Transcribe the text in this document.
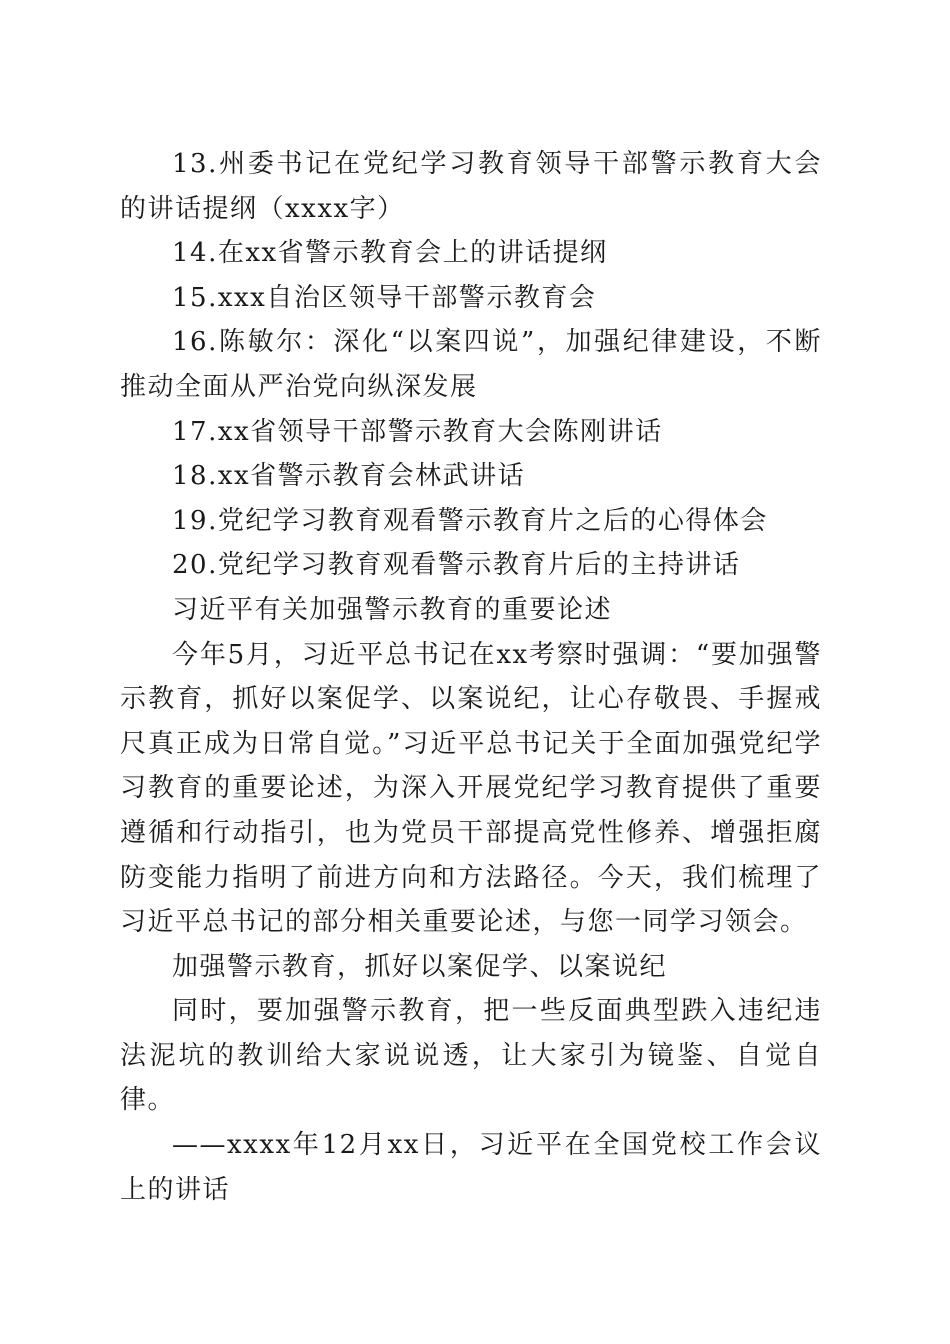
13.州委书记在党纪学习教育领导干部警示教育大会的讲话提纲（xxxx字）

14.在xx省警示教育会上的讲话提纲

15.xxx自治区领导干部警示教育会

16.陈敏尔：深化“以案四说”，加强纪律建设，不断推动全面从严治党向纵深发展

17.xx省领导干部警示教育大会陈刚讲话

18.xx省警示教育会林武讲话

19.党纪学习教育观看警示教育片之后的心得体会

20.党纪学习教育观看警示教育片后的主持讲话

习近平有关加强警示教育的重要论述

今年5月，习近平总书记在xx考察时强调：“要加强警示教育，抓好以案促学、以案说纪，让心存敬畏、手握戒尺真正成为日常自觉。”习近平总书记关于全面加强党纪学习教育的重要论述，为深入开展党纪学习教育提供了重要遵循和行动指引，也为党员干部提高党性修养、增强拒腐防变能力指明了前进方向和方法路径。今天，我们梳理了习近平总书记的部分相关重要论述，与您一同学习领会。

加强警示教育，抓好以案促学、以案说纪

同时，要加强警示教育，把一些反面典型跌入违纪违法泥坑的教训给大家说说透，让大家引为镜鉴、自觉自律。

——xxxx年12月xx日，习近平在全国党校工作会议上的讲话
